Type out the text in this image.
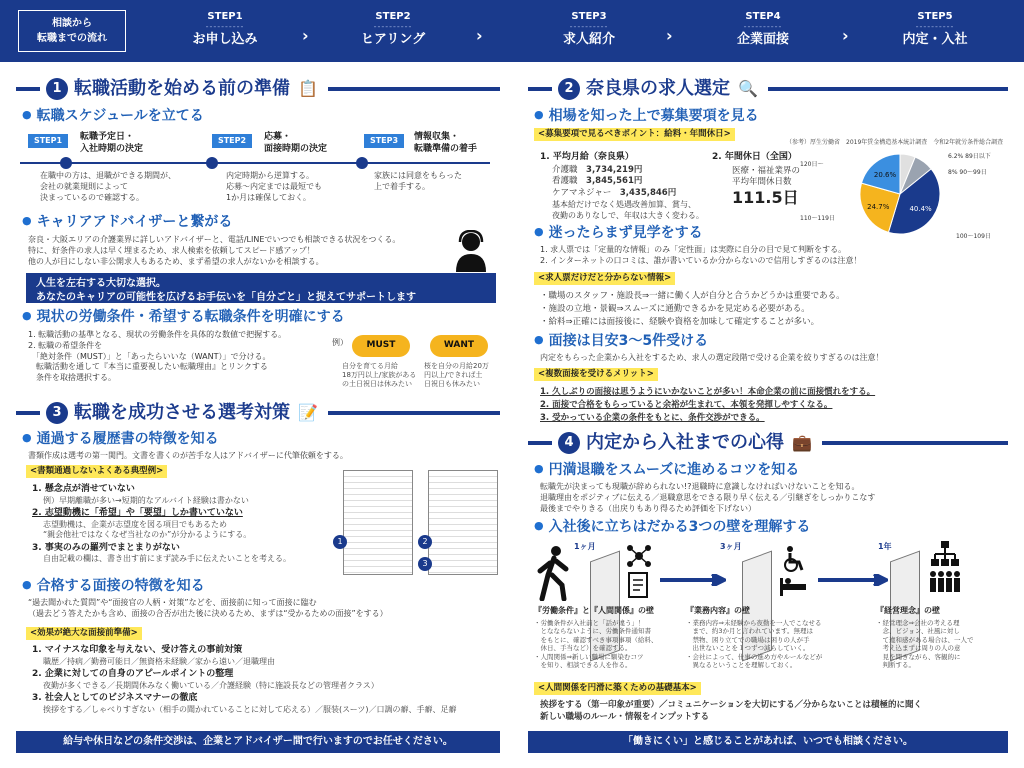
相談から
転職までの流れ
STEP1
----------
お申し込み	›
STEP2
----------
ヒアリング	›
STEP3
----------
求人紹介	›
STEP4
----------
企業面接	›
STEP5
----------
内定・入社
1 転職活動を始める前の準備 📋
● 転職スケジュールを立てる
STEP1	転職予定日・
入社時期の決定
STEP2	応募・
面接時期の決定
STEP3	情報収集・
転職準備の着手
在職中の方は、退職ができる期間が、
会社の就業規則によって
決まっているので確認する。
内定時期から逆算する。
応募〜内定までは最短でも
1か月は確保しておく。
家族には同意をもらった
上で着手する。
● キャリアアドバイザーと繋がる
奈良・大阪エリアの介護業界に詳しいアドバイザーと、電話/LINEでいつでも相談できる状況をつくる。
特に、好条件の求人は早く埋まるため、求人検索を依頼してスピード感アップ！
他の人が目にしない非公開求人もあるため、まず希望の求人がないかを相談する。
人生を左右する大切な選択。
あなたのキャリアの可能性を広げるお手伝いを「自分ごと」と捉えてサポートします
● 現状の労働条件・希望する転職条件を明確にする
1. 転職活動の基準となる、現状の労働条件を具体的な数値で把握する。
2. 転職の希望条件を
　「絶対条件（MUST）」と「あったらいいな（WANT）」で分ける。
　転職活動を通して『本当に重要視したい転職理由』とリンクする
　条件を取捨選択する。
例）	MUST	WANT
自分を育てる月給
18万円以上/家族がある
の土日祝日は休みたい
桜を自分の月給20万
円以上/できれば土
日祝日も休みたい
3 転職を成功させる選考対策 📝
● 通過する履歴書の特徴を知る
書類作成は選考の第一関門。文書を書くのが苦手な人はアドバイザーに代筆依頼をする。
<書類通過しないよくある典型例>
1. 懸念点が消せていない
例）早期離職が多い→短期的なアルバイト経験は書かない
2. 志望動機に「希望」や「要望」しか書いていない
志望動機は、企業が志望度を図る項目でもあるため
“親会他社ではなくなぜ当社なのか”が分かるようにする。
3. 事実のみの羅列でまとまりがない
自由記載の欄は、書き出す前にまず読み手に伝えたいことを考える。
1	2
3
● 合格する面接の特徴を知る
“過去聞かれた質問”や“面接官の人柄・対策”などを、面接前に知って面接に臨む
（過去どう答えたかも含め、面接の合否が出た後に決めるため、まずは“受かるための面接”をする）
<効果が絶大な面接前準備>
1. マイナスな印象を与えない、受け答えの事前対策
職歴／持病／勤務可能日／無資格未経験／家から遠い／退職理由
2. 企業に対しての自身のアピールポイントの整理
夜勤が多くできる／長期間休みなく働いている／介護経験（特に施設長などの管理者クラス）
3. 社会人としてのビジネスマナーの徹底
挨拶をする／しゃべりすぎない（相手の聞かれていることに対して応える）／服装(スーツ)／口調の癖、手癖、足癖
給与や休日などの条件交渉は、企業とアドバイザー間で行いますのでお任せください。
2 奈良県の求人選定 🔍
● 相場を知った上で募集要項を見る
<募集要項で見るべきポイント：給料・年間休日>
（参考）厚生労働省　2019年賃金構造基本統計調査　令和2年就労条件総合調査
1. 平均月給（奈良県）
介護職　 3,734,219円
看護職　 3,845,561円
ケアマネジャー　 3,435,846円
基本給だけでなく処遇改善加算、賞与、
夜勤のありなしで、年収は大きく変わる。
2. 年間休日（全国）
医療・福祉業界の
平均年間休日数
111.5日
6.2% 89日以下
8% 90〜99日
40.4%
100〜109日
24.7%
110〜119日
20.6%
120日〜
● 迷ったらまず見学をする
1. 求人票では「定量的な情報」のみ「定性面」は実際に自分の目で見て判断をする。
2. インターネットの口コミは、誰が書いているか分からないので信用しすぎるのは注意！
<求人票だけだと分からない情報>
・職場のスタッフ・施設長⇒一緒に働く人が自分と合うかどうかは重要である。
・施設の立地・景観⇒スムーズに通勤できるかを見定める必要がある。
・給料⇒正確には面接後に、経験や資格を加味して確定することが多い。
● 面接は目安3〜5件受ける
内定をもらった企業から入社をするため、求人の選定段階で受ける企業を絞りすぎるのは注意！
<複数面接を受けるメリット>
1. 久しぶりの面接は思うようにいかないことが多い！本命企業の前に面接慣れをする。
2. 面接で合格をもらっていると余裕が生まれて、本領を発揮しやすくなる。
3. 受かっている企業の条件をもとに、条件交渉ができる。
4 内定から入社までの心得 💼
● 円満退職をスムーズに進めるコツを知る
転職先が決まっても現職が辞められない!?退職時に意識しなければいけないことを知る。
退職理由をポジティブに伝える／退職意思をできる限り早く伝える／引継ぎをしっかりこなす
最後までやりきる（出戻りもあり得るため評価を下げない）
● 入社後に立ちはだかる3つの壁を理解する
1ヶ月	3ヶ月	1年
『労働条件』と『人間関係』の壁
・労働条件が入社前と「話が違う」！
　となならないように、労働条件通知書
　をもとに、確認すべき事項事項（給料、
　休日、手当など）を確認する。
・人間関係⇒新しい職場に馴染むコツ
　を知り、相談できる人を作る。
『業務内容』の壁
・業務内容⇒未経験から夜勤を一人でこなせる
　まで、約3か月と言われています。無理は
　禁物、困り立てでの職場は困りの人が手
　出世ないことを１つずつ減らしていく。
・会社によって、仕事の進め方やルールなどが
　異なるということを理解しておく。
『経営理念』の壁
・経営理念⇒会社の考える理
　念、ビジョン、社風に対し
　て違和感がある場合は、一人で
　考え込まずに周りの人の意
　見を聞きながら、客観的に
　判断する。
<人間関係を円滑に築くための基礎基本>
挨拶をする（第一印象が重要）／コミュニケーションを大切にする／分からないことは積極的に聞く
新しい職場のルール・情報をインプットする
「働きにくい」と感じることがあれば、いつでも相談ください。
